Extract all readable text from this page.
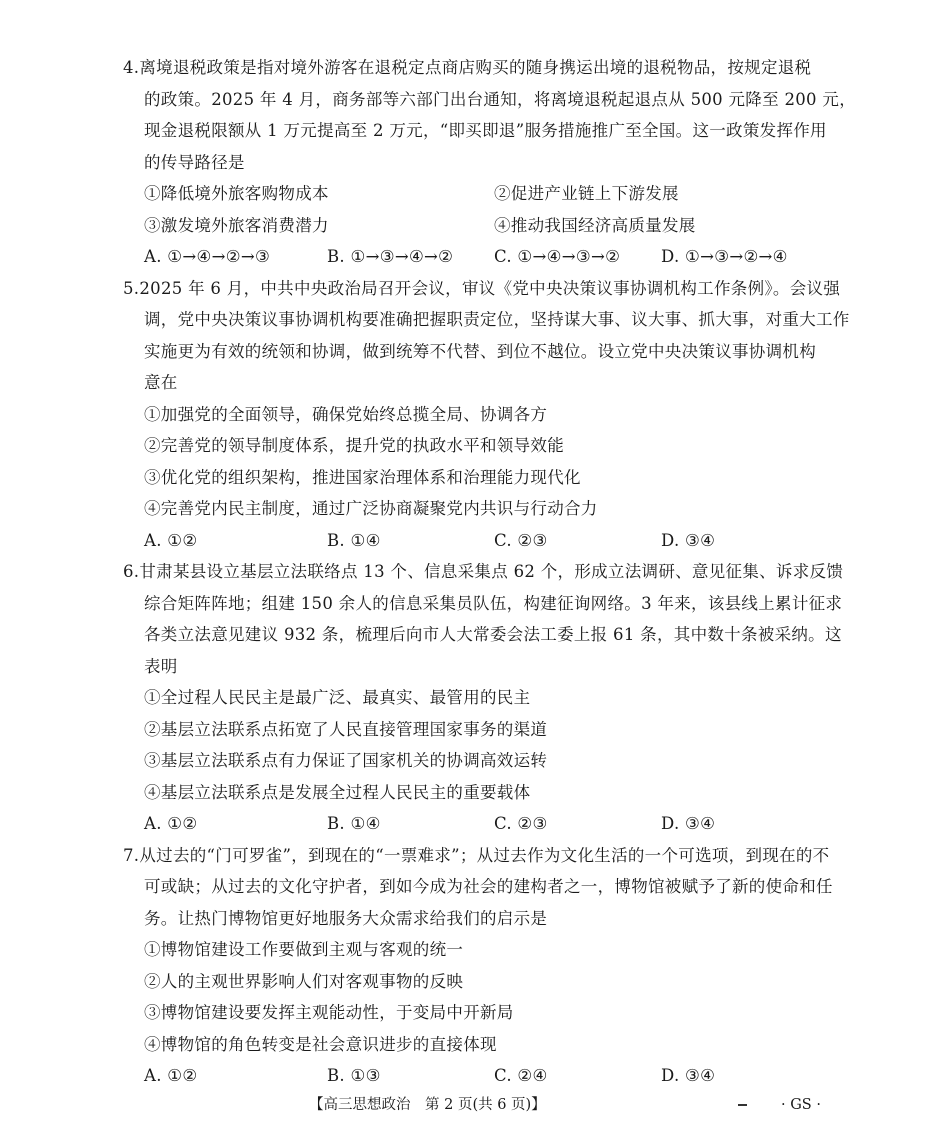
4.离境退税政策是指对境外游客在退税定点商店购买的随身携运出境的退税物品，按规定退税
的政策。2025 年 4 月，商务部等六部门出台通知，将离境退税起退点从 500 元降至 200 元，
现金退税限额从 1 万元提高至 2 万元，“即买即退”服务措施推广至全国。这一政策发挥作用
的传导路径是
①降低境外旅客购物成本	②促进产业链上下游发展
③激发境外旅客消费潜力	④推动我国经济高质量发展
A. ①→④→②→③	B. ①→③→④→② C. ①→④→③→② D. ①→③→②→④
5.2025 年 6 月，中共中央政治局召开会议，审议《党中央决策议事协调机构工作条例》。会议强
调，党中央决策议事协调机构要准确把握职责定位，坚持谋大事、议大事、抓大事，对重大工作
实施更为有效的统领和协调，做到统筹不代替、到位不越位。设立党中央决策议事协调机构
意在
①加强党的全面领导，确保党始终总揽全局、协调各方
②完善党的领导制度体系，提升党的执政水平和领导效能
③优化党的组织架构，推进国家治理体系和治理能力现代化
④完善党内民主制度，通过广泛协商凝聚党内共识与行动合力
A. ①②	B. ①④	C. ②③	D. ③④
6.甘肃某县设立基层立法联络点 13 个、信息采集点 62 个，形成立法调研、意见征集、诉求反馈
综合矩阵阵地；组建 150 余人的信息采集员队伍，构建征询网络。3 年来，该县线上累计征求
各类立法意见建议 932 条，梳理后向市人大常委会法工委上报 61 条，其中数十条被采纳。这
表明
①全过程人民民主是最广泛、最真实、最管用的民主
②基层立法联系点拓宽了人民直接管理国家事务的渠道
③基层立法联系点有力保证了国家机关的协调高效运转
④基层立法联系点是发展全过程人民民主的重要载体
A. ①②	B. ①④	C. ②③	D. ③④
7.从过去的“门可罗雀”，到现在的“一票难求”；从过去作为文化生活的一个可选项，到现在的不
可或缺；从过去的文化守护者，到如今成为社会的建构者之一，博物馆被赋予了新的使命和任
务。让热门博物馆更好地服务大众需求给我们的启示是
①博物馆建设工作要做到主观与客观的统一
②人的主观世界影响人们对客观事物的反映
③博物馆建设要发挥主观能动性，于变局中开新局
④博物馆的角色转变是社会意识进步的直接体现
A. ①②	B. ①③	C. ②④	D. ③④
【高三思想政治　第 2 页(共 6 页)】	· GS ·
